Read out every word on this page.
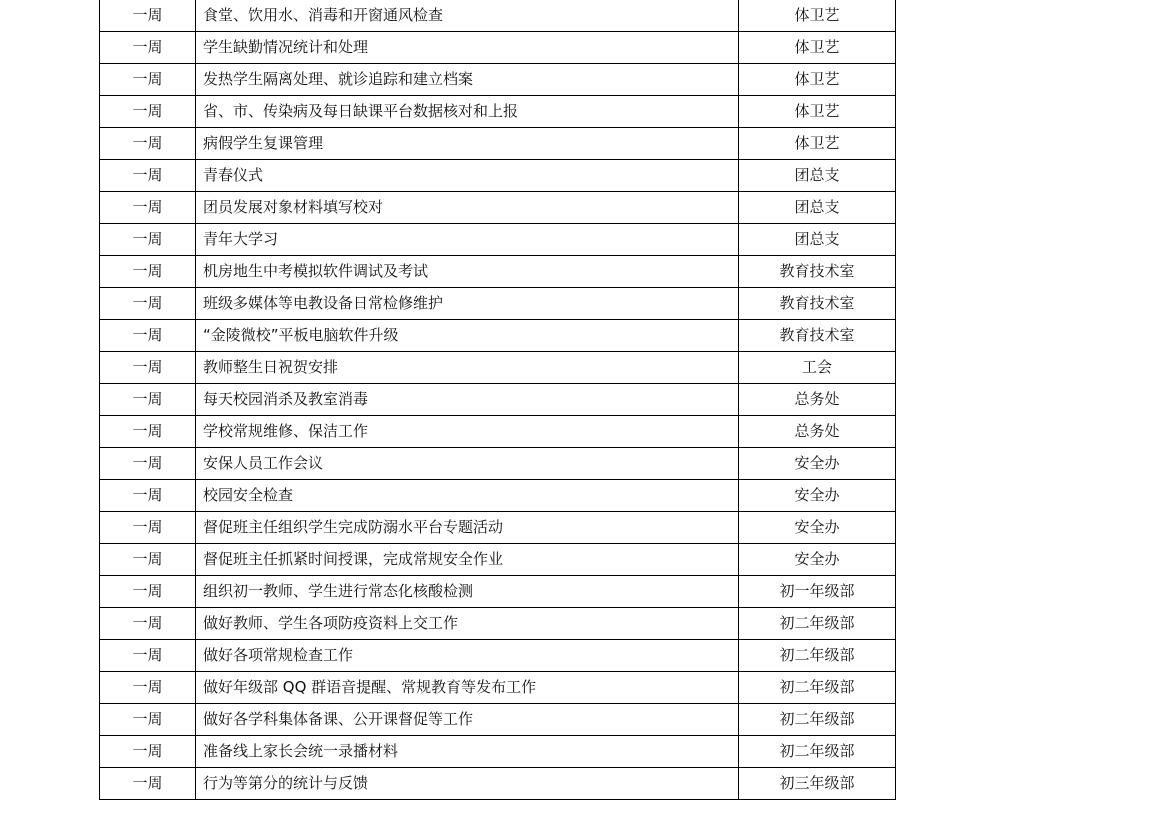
一周	食堂、饮用水、消毒和开窗通风检查	体卫艺
一周	学生缺勤情况统计和处理	体卫艺
一周	发热学生隔离处理、就诊追踪和建立档案	体卫艺
一周	省、市、传染病及每日缺课平台数据核对和上报	体卫艺
一周	病假学生复课管理	体卫艺
一周	青春仪式	团总支
一周	团员发展对象材料填写校对	团总支
一周	青年大学习	团总支
一周	机房地生中考模拟软件调试及考试	教育技术室
一周	班级多媒体等电教设备日常检修维护	教育技术室
一周	“金陵微校”平板电脑软件升级	教育技术室
一周	教师整生日祝贺安排	工会
一周	每天校园消杀及教室消毒	总务处
一周	学校常规维修、保洁工作	总务处
一周	安保人员工作会议	安全办
一周	校园安全检查	安全办
一周	督促班主任组织学生完成防溺水平台专题活动	安全办
一周	督促班主任抓紧时间授课，完成常规安全作业	安全办
一周	组织初一教师、学生进行常态化核酸检测	初一年级部
一周	做好教师、学生各项防疫资料上交工作	初二年级部
一周	做好各项常规检查工作	初二年级部
一周	做好年级部 QQ 群语音提醒、常规教育等发布工作	初二年级部
一周	做好各学科集体备课、公开课督促等工作	初二年级部
一周	准备线上家长会统一录播材料	初二年级部
一周	行为等第分的统计与反馈	初三年级部
